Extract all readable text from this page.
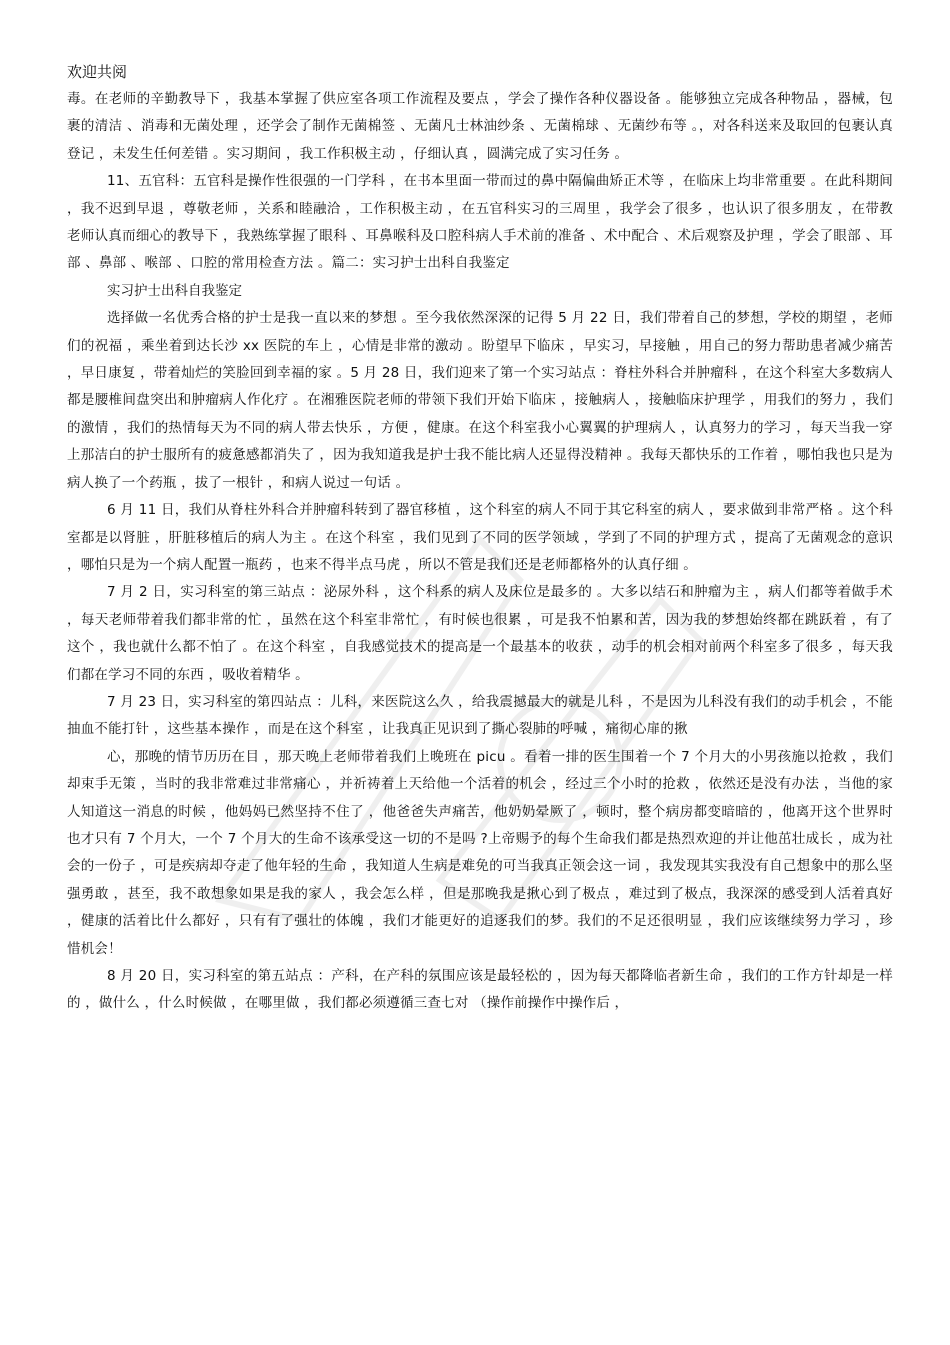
欢迎共阅

毒。在老师的辛勤教导下 ，我基本掌握了供应室各项工作流程及要点 ，学会了操作各种仪器设备 。能够独立完成各种物品 ，器械，包裹的清洁 、消毒和无菌处理 ，还学会了制作无菌棉签 、无菌凡士林油纱条 、无菌棉球 、无菌纱布等 。，对各科送来及取回的包裹认真登记 ，未发生任何差错 。实习期间 ，我工作积极主动 ，仔细认真 ，圆满完成了实习任务 。

11、五官科：五官科是操作性很强的一门学科 ，在书本里面一带而过的鼻中隔偏曲矫正术等 ，在临床上均非常重要 。在此科期间 ，我不迟到早退 ，尊敬老师 ，关系和睦融洽 ，工作积极主动 ，在五官科实习的三周里 ，我学会了很多 ，也认识了很多朋友 ，在带教老师认真而细心的教导下 ，我熟练掌握了眼科 、耳鼻喉科及口腔科病人手术前的准备 、术中配合 、术后观察及护理 ，学会了眼部 、耳部 、鼻部 、喉部 、口腔的常用检查方法 。篇二：实习护士出科自我鉴定

实习护士出科自我鉴定

选择做一名优秀合格的护士是我一直以来的梦想 。至今我依然深深的记得 5 月 22 日，我们带着自己的梦想，学校的期望 ，老师们的祝福 ，乘坐着到达长沙 xx 医院的车上 ，心情是非常的激动 。盼望早下临床 ，早实习，早接触 ，用自己的努力帮助患者减少痛苦 ，早日康复 ，带着灿烂的笑脸回到幸福的家 。5 月 28 日，我们迎来了第一个实习站点 ：脊柱外科合并肿瘤科 ，在这个科室大多数病人都是腰椎间盘突出和肿瘤病人作化疗 。在湘雅医院老师的带领下我们开始下临床 ，接触病人 ，接触临床护理学 ，用我们的努力 ，我们的激情 ，我们的热情每天为不同的病人带去快乐 ，方便 ，健康。在这个科室我小心翼翼的护理病人 ，认真努力的学习 ，每天当我一穿上那洁白的护士服所有的疲惫感都消失了 ，因为我知道我是护士我不能比病人还显得没精神 。我每天都快乐的工作着 ，哪怕我也只是为病人换了一个药瓶 ，拔了一根针 ，和病人说过一句话 。

6 月 11 日，我们从脊柱外科合并肿瘤科转到了器官移植 ，这个科室的病人不同于其它科室的病人 ，要求做到非常严格 。这个科室都是以肾脏 ，肝脏移植后的病人为主 。在这个科室 ，我们见到了不同的医学领域 ，学到了不同的护理方式 ，提高了无菌观念的意识 ，哪怕只是为一个病人配置一瓶药 ，也来不得半点马虎 ，所以不管是我们还是老师都格外的认真仔细 。

7 月 2 日，实习科室的第三站点 ：泌尿外科 ，这个科系的病人及床位是最多的 。大多以结石和肿瘤为主 ，病人们都等着做手术 ，每天老师带着我们都非常的忙 ，虽然在这个科室非常忙 ，有时候也很累 ，可是我不怕累和苦，因为我的梦想始终都在跳跃着 ，有了这个 ，我也就什么都不怕了 。在这个科室 ，自我感觉技术的提高是一个最基本的收获 ，动手的机会相对前两个科室多了很多 ，每天我们都在学习不同的东西 ，吸收着精华 。

7 月 23 日，实习科室的第四站点 ：儿科，来医院这么久 ，给我震撼最大的就是儿科 ，不是因为儿科没有我们的动手机会 ，不能抽血不能打针 ，这些基本操作 ，而是在这个科室 ，让我真正见识到了撕心裂肺的呼喊 ，痛彻心扉的揪

心，那晚的情节历历在目 ，那天晚上老师带着我们上晚班在 picu 。看着一排的医生围着一个 7 个月大的小男孩施以抢救 ，我们却束手无策 ，当时的我非常难过非常痛心 ，并祈祷着上天给他一个活着的机会 ，经过三个小时的抢救 ，依然还是没有办法 ，当他的家人知道这一消息的时候 ，他妈妈已然坚持不住了 ，他爸爸失声痛苦，他奶奶晕厥了 ，顿时，整个病房都变暗暗的 ，他离开这个世界时也才只有 7 个月大，一个 7 个月大的生命不该承受这一切的不是吗 ?上帝赐予的每个生命我们都是热烈欢迎的并让他茁壮成长 ，成为社会的一份子 ，可是疾病却夺走了他年轻的生命 ，我知道人生病是难免的可当我真正领会这一词 ，我发现其实我没有自己想象中的那么坚强勇敢 ，甚至，我不敢想象如果是我的家人 ，我会怎么样 ，但是那晚我是揪心到了极点 ，难过到了极点，我深深的感受到人活着真好 ，健康的活着比什么都好 ，只有有了强壮的体魄 ，我们才能更好的追逐我们的梦。我们的不足还很明显 ，我们应该继续努力学习 ，珍惜机会！

8 月 20 日，实习科室的第五站点 ：产科，在产科的氛围应该是最轻松的 ，因为每天都降临者新生命 ，我们的工作方针却是一样的 ，做什么 ，什么时候做 ，在哪里做 ，我们都必须遵循三查七对 （操作前操作中操作后 ，
